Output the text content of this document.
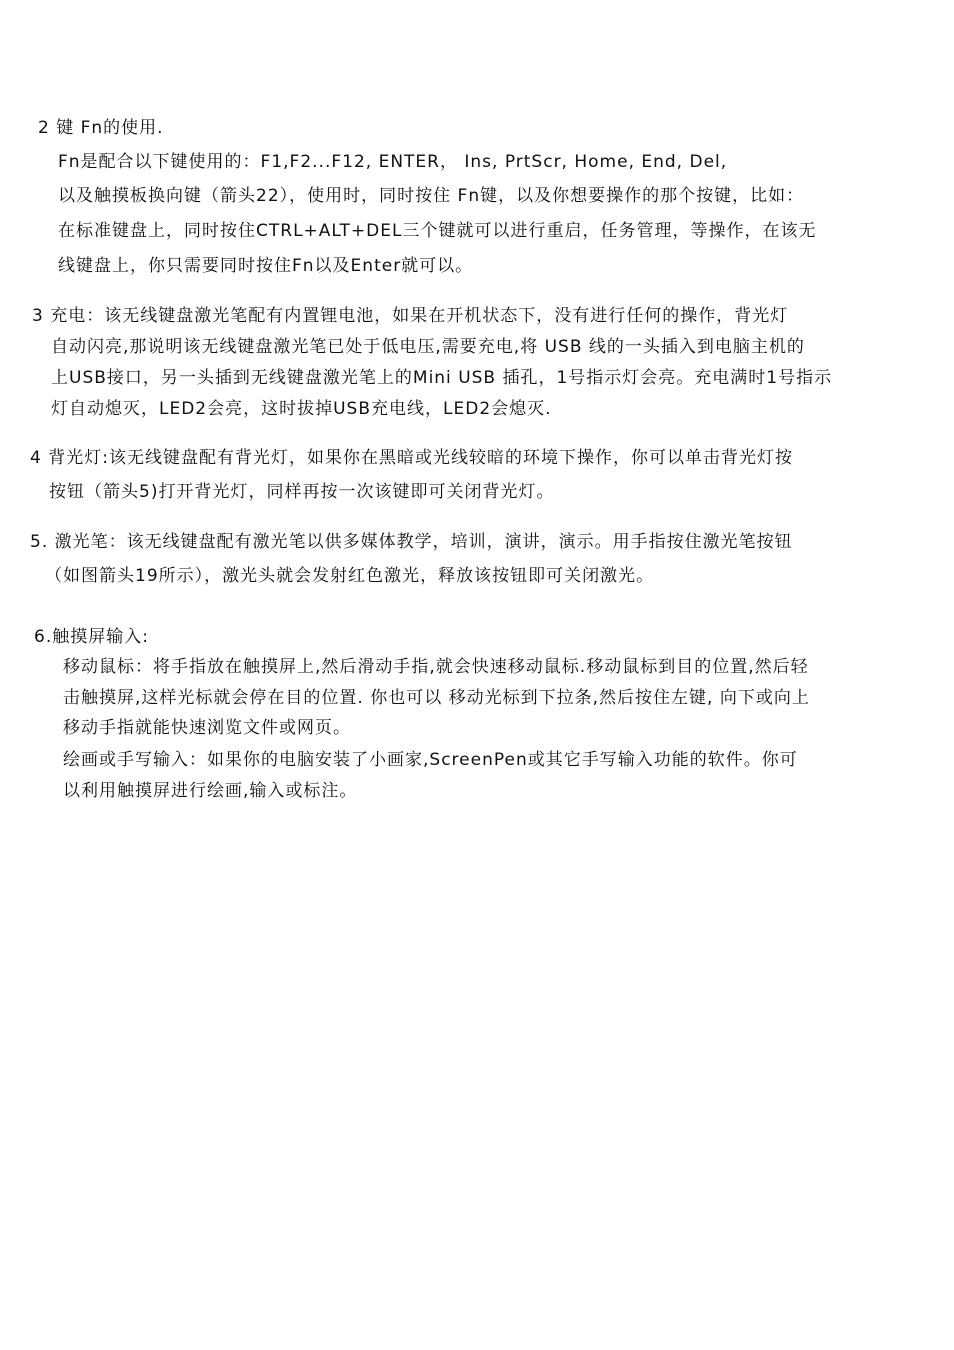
2 键 Fn的使用.
Fn是配合以下键使用的：F1,F2...F12, ENTER， Ins, PrtScr, Home, End, Del,
以及触摸板换向键（箭头22），使用时，同时按住 Fn键，以及你想要操作的那个按键，比如：
在标准键盘上，同时按住CTRL+ALT+DEL三个键就可以进行重启，任务管理，等操作，在该无
线键盘上，你只需要同时按住Fn以及Enter就可以。
3 充电：该无线键盘激光笔配有内置锂电池，如果在开机状态下，没有进行任何的操作，背光灯
自动闪亮,那说明该无线键盘激光笔已处于低电压,需要充电,将 USB 线的一头插入到电脑主机的
上USB接口，另一头插到无线键盘激光笔上的Mini USB 插孔，1号指示灯会亮。充电满时1号指示
灯自动熄灭，LED2会亮，这时拔掉USB充电线，LED2会熄灭.
4 背光灯:该无线键盘配有背光灯，如果你在黑暗或光线较暗的环境下操作，你可以单击背光灯按
按钮（箭头5)打开背光灯，同样再按一次该键即可关闭背光灯。
5. 激光笔：该无线键盘配有激光笔以供多媒体教学，培训，演讲，演示。用手指按住激光笔按钮
（如图箭头19所示），激光头就会发射红色激光，释放该按钮即可关闭激光。
6.触摸屏输入:
移动鼠标：将手指放在触摸屏上,然后滑动手指,就会快速移动鼠标.移动鼠标到目的位置,然后轻
击触摸屏,这样光标就会停在目的位置. 你也可以 移动光标到下拉条,然后按住左键, 向下或向上
移动手指就能快速浏览文件或网页。
绘画或手写输入：如果你的电脑安装了小画家,ScreenPen或其它手写输入功能的软件。你可
以利用触摸屏进行绘画,输入或标注。
